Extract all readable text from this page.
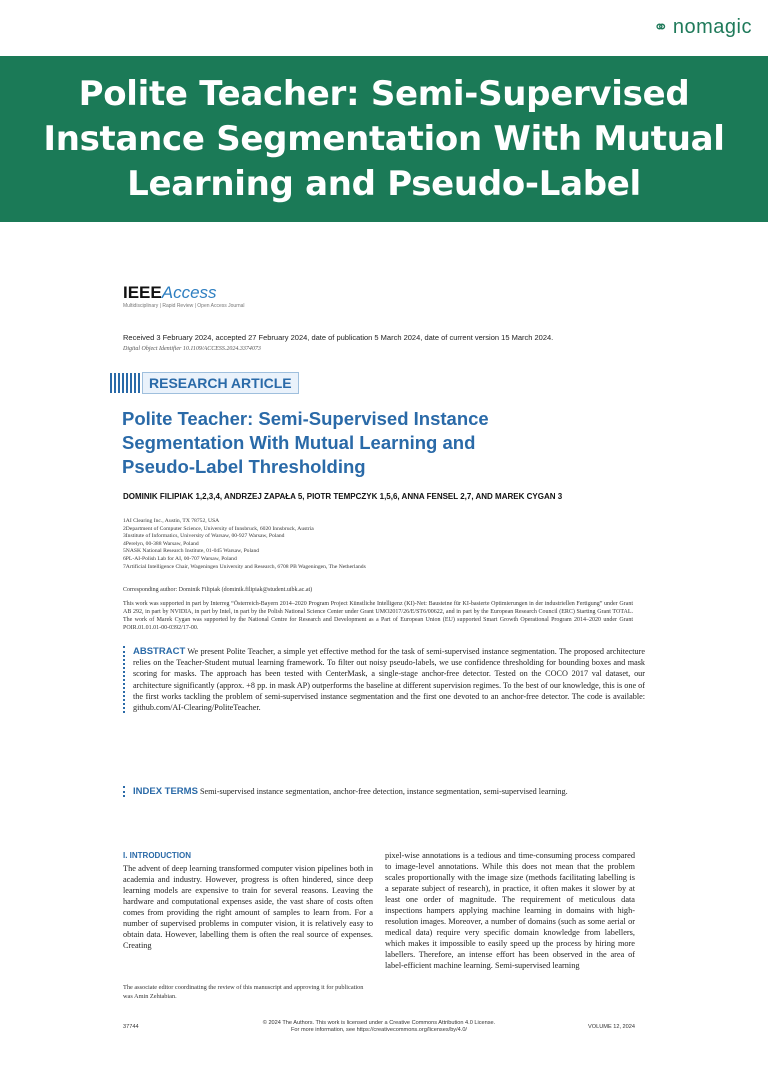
⚭ nomagic
Polite Teacher: Semi-Supervised Instance Segmentation With Mutual Learning and Pseudo-Label
IEEEAccess
Multidisciplinary | Rapid Review | Open Access Journal
Received 3 February 2024, accepted 27 February 2024, date of publication 5 March 2024, date of current version 15 March 2024.
Digital Object Identifier 10.1109/ACCESS.2024.3374073
RESEARCH ARTICLE
Polite Teacher: Semi-Supervised Instance Segmentation With Mutual Learning and Pseudo-Label Thresholding
DOMINIK FILIPIAK 1,2,3,4, ANDRZEJ ZAPAŁA 5, PIOTR TEMPCZYK 1,5,6, ANNA FENSEL 2,7, AND MAREK CYGAN 3
1AI Clearing Inc., Austin, TX 78752, USA
2Department of Computer Science, University of Innsbruck, 6020 Innsbruck, Austria
3Institute of Informatics, University of Warsaw, 00-927 Warsaw, Poland
4Perelyn, 00-388 Warsaw, Poland
5NASK National Research Institute, 01-045 Warsaw, Poland
6PL-AI-Polish Lab for AI, 00-707 Warsaw, Poland
7Artificial Intelligence Chair, Wageningen University and Research, 6708 PB Wageningen, The Netherlands
Corresponding author: Dominik Filipiak (dominik.filipiak@student.uibk.ac.at)
This work was supported in part by Interreg “Österreich-Bayern 2014–2020 Program Project Künstliche Intelligenz (KI)-Net: Bausteine für KI-basierte Optimierungen in der industriellen Fertigung” under Grant AB 292, in part by NVIDIA, in part by Intel, in part by the Polish National Science Center under Grant UMO2017/26/E/ST6/00622, and in part by the European Research Council (ERC) Starting Grant TOTAL. The work of Marek Cygan was supported by the National Centre for Research and Development as a Part of European Union (EU) supported Smart Growth Operational Program 2014–2020 under Grant POIR.01.01.01-00-0392/17-00.
ABSTRACT We present Polite Teacher, a simple yet effective method for the task of semi-supervised instance segmentation. The proposed architecture relies on the Teacher-Student mutual learning framework. To filter out noisy pseudo-labels, we use confidence thresholding for bounding boxes and mask scoring for masks. The approach has been tested with CenterMask, a single-stage anchor-free detector. Tested on the COCO 2017 val dataset, our architecture significantly (approx. +8 pp. in mask AP) outperforms the baseline at different supervision regimes. To the best of our knowledge, this is one of the first works tackling the problem of semi-supervised instance segmentation and the first one devoted to an anchor-free detector. The code is available: github.com/AI-Clearing/PoliteTeacher.
INDEX TERMS Semi-supervised instance segmentation, anchor-free detection, instance segmentation, semi-supervised learning.
I. INTRODUCTION
The advent of deep learning transformed computer vision pipelines both in academia and industry. However, progress is often hindered, since deep learning models are expensive to train for several reasons. Leaving the hardware and computational expenses aside, the vast share of costs often comes from providing the right amount of samples to learn from. For a number of supervised problems in computer vision, it is relatively easy to obtain data. However, labelling them is often the real source of expenses. Creating
pixel-wise annotations is a tedious and time-consuming process compared to image-level annotations. While this does not mean that the problem scales proportionally with the image size (methods facilitating labelling is a separate subject of research), in practice, it often makes it slower by at least one order of magnitude. The requirement of meticulous data inspections hampers applying machine learning in domains with high-resolution images. Moreover, a number of domains (such as some aerial or medical data) require very specific domain knowledge from labellers, which makes it impossible to easily speed up the process by hiring more labellers. Therefore, an intense effort has been observed in the area of label-efficient machine learning. Semi-supervised learning
The associate editor coordinating the review of this manuscript and approving it for publication was Amin Zehtabian.
37744
© 2024 The Authors. This work is licensed under a Creative Commons Attribution 4.0 License.
For more information, see https://creativecommons.org/licenses/by/4.0/	VOLUME 12, 2024
